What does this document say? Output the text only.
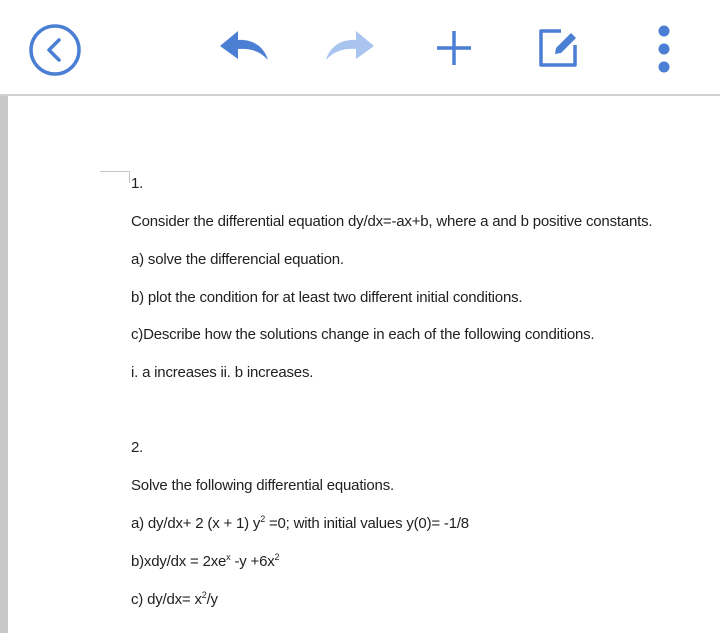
1.
Consider the differential equation dy/dx=-ax+b, where a and b positive constants.
a) solve the differencial equation.
b) plot the condition for at least two different initial conditions.
c)Describe how the solutions change in each of the following conditions.
i. a increases ii. b increases.
2.
Solve the following differential equations.
a) dy/dx+ 2 (x + 1) $y^2 =0$; with initial values y(0)= -1/8
$b)xdy/dx = 2xe^x$ $-y +6x^2$
c) $dy/dx= x^2/y$
